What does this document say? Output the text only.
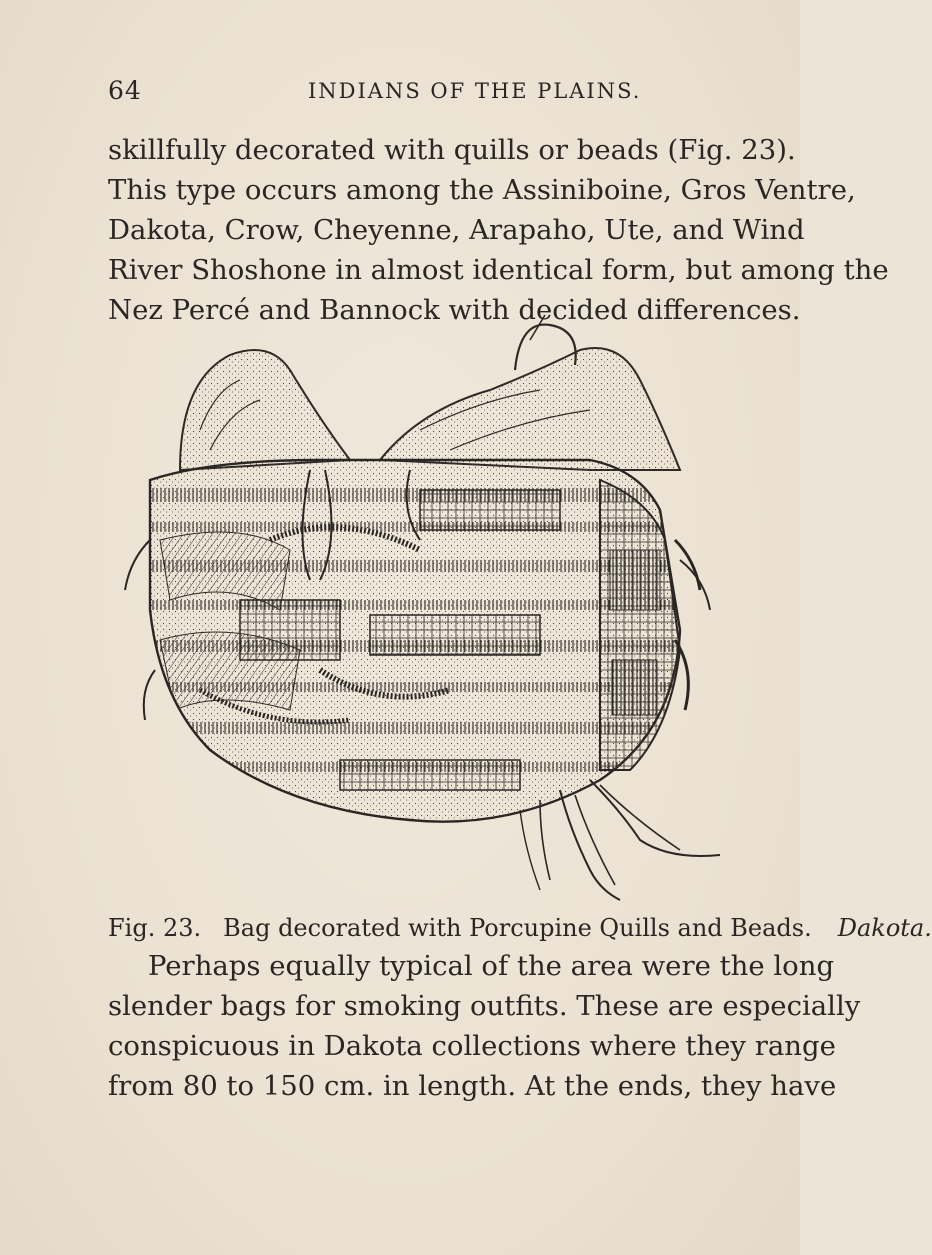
64	INDIANS OF THE PLAINS.

skillfully decorated with quills or beads (Fig. 23).
This type occurs among the Assiniboine, Gros Ventre,
Dakota, Crow, Cheyenne, Arapaho, Ute, and Wind
River Shoshone in almost identical form, but among the
Nez Percé and Bannock with decided differences.

Fig. 23. Bag decorated with Porcupine Quills and Beads. Dakota.

Perhaps equally typical of the area were the long
slender bags for smoking outfits. These are especially
conspicuous in Dakota collections where they range
from 80 to 150 cm. in length. At the ends, they have
